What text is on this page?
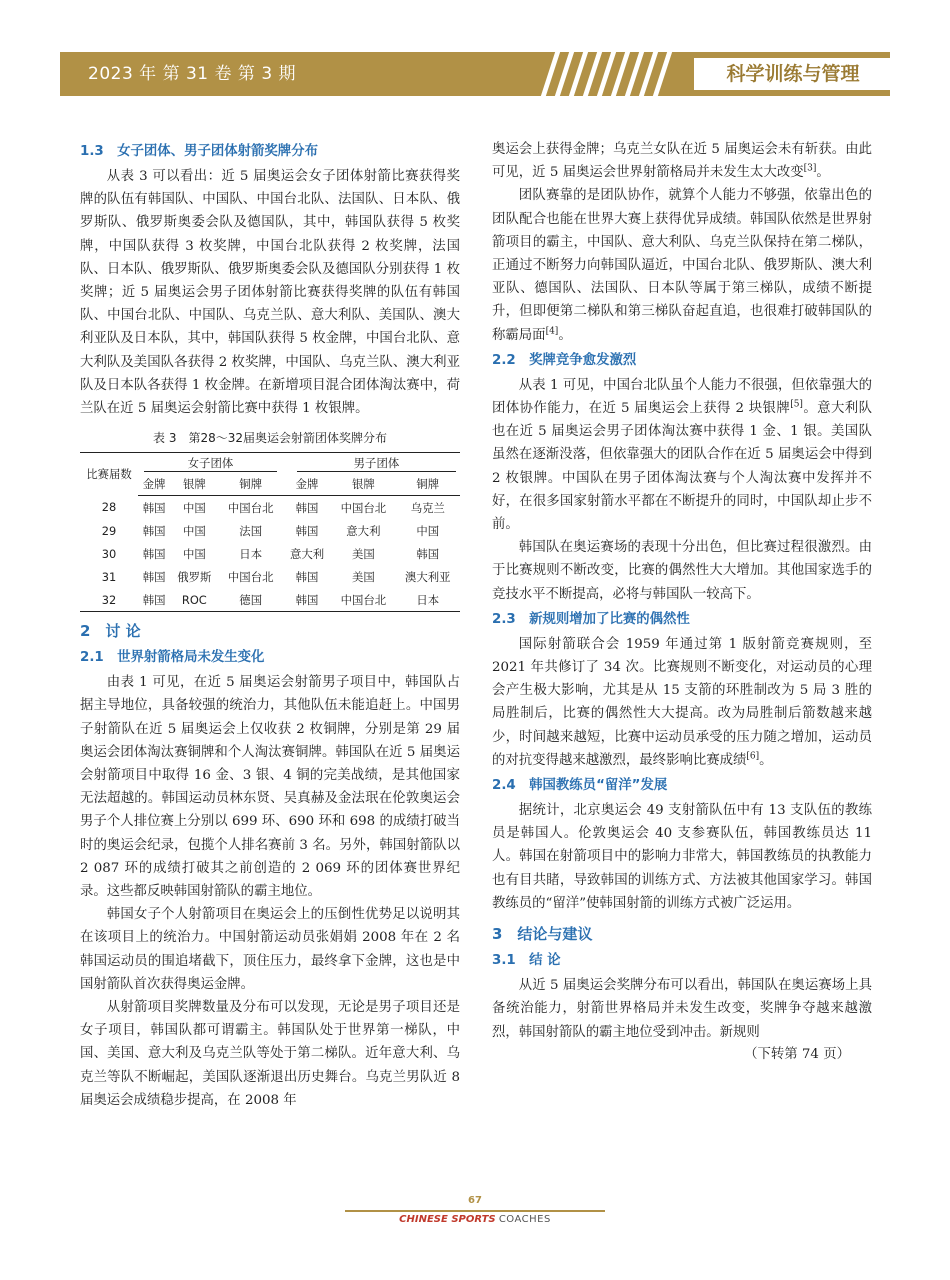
2023 年 第 31 卷 第 3 期	科学训练与管理
1.3　女子团体、男子团体射箭奖牌分布

从表 3 可以看出：近 5 届奥运会女子团体射箭比赛获得奖牌的队伍有韩国队、中国队、中国台北队、法国队、日本队、俄罗斯队、俄罗斯奥委会队及德国队，其中，韩国队获得 5 枚奖牌，中国队获得 3 枚奖牌，中国台北队获得 2 枚奖牌，法国队、日本队、俄罗斯队、俄罗斯奥委会队及德国队分别获得 1 枚奖牌；近 5 届奥运会男子团体射箭比赛获得奖牌的队伍有韩国队、中国台北队、中国队、乌克兰队、意大利队、美国队、澳大利亚队及日本队，其中，韩国队获得 5 枚金牌，中国台北队、意大利队及美国队各获得 2 枚奖牌，中国队、乌克兰队、澳大利亚队及日本队各获得 1 枚金牌。在新增项目混合团体淘汰赛中，荷兰队在近 5 届奥运会射箭比赛中获得 1 枚银牌。

表 3　第28～32届奥运会射箭团体奖牌分布
比赛届数	女子团体			男子团体		

	金牌	银牌	铜牌	金牌	银牌	铜牌
28	韩国	中国	中国台北	韩国	中国台北	乌克兰
29	韩国	中国	法国	韩国	意大利	中国
30	韩国	中国	日本	意大利	美国	韩国
31	韩国	俄罗斯	中国台北	韩国	美国	澳大利亚
32	韩国	ROC	德国	韩国	中国台北	日本
2　讨 论
2.1　世界射箭格局未发生变化

由表 1 可见，在近 5 届奥运会射箭男子项目中，韩国队占据主导地位，具备较强的统治力，其他队伍未能追赶上。中国男子射箭队在近 5 届奥运会上仅收获 2 枚铜牌，分别是第 29 届奥运会团体淘汰赛铜牌和个人淘汰赛铜牌。韩国队在近 5 届奥运会射箭项目中取得 16 金、3 银、4 铜的完美战绩，是其他国家无法超越的。韩国运动员林东贤、吴真赫及金法珉在伦敦奥运会男子个人排位赛上分别以 699 环、690 环和 698 的成绩打破当时的奥运会纪录，包揽个人排名赛前 3 名。另外，韩国射箭队以 2 087 环的成绩打破其之前创造的 2 069 环的团体赛世界纪录。这些都反映韩国射箭队的霸主地位。

韩国女子个人射箭项目在奥运会上的压倒性优势足以说明其在该项目上的统治力。中国射箭运动员张娟娟 2008 年在 2 名韩国运动员的围追堵截下，顶住压力，最终拿下金牌，这也是中国射箭队首次获得奥运金牌。

从射箭项目奖牌数量及分布可以发现，无论是男子项目还是女子项目，韩国队都可谓霸主。韩国队处于世界第一梯队，中国、美国、意大利及乌克兰队等处于第二梯队。近年意大利、乌克兰等队不断崛起，美国队逐渐退出历史舞台。乌克兰男队近 8 届奥运会成绩稳步提高，在 2008 年

奥运会上获得金牌；乌克兰女队在近 5 届奥运会未有斩获。由此可见，近 5 届奥运会世界射箭格局并未发生太大改变[3]。

团队赛靠的是团队协作，就算个人能力不够强，依靠出色的团队配合也能在世界大赛上获得优异成绩。韩国队依然是世界射箭项目的霸主，中国队、意大利队、乌克兰队保持在第二梯队，正通过不断努力向韩国队逼近，中国台北队、俄罗斯队、澳大利亚队、德国队、法国队、日本队等属于第三梯队，成绩不断提升，但即便第二梯队和第三梯队奋起直追，也很难打破韩国队的称霸局面[4]。

2.2　奖牌竞争愈发激烈

从表 1 可见，中国台北队虽个人能力不很强，但依靠强大的团体协作能力，在近 5 届奥运会上获得 2 块银牌[5]。意大利队也在近 5 届奥运会男子团体淘汰赛中获得 1 金、1 银。美国队虽然在逐渐没落，但依靠强大的团队合作在近 5 届奥运会中得到 2 枚银牌。中国队在男子团体淘汰赛与个人淘汰赛中发挥并不好，在很多国家射箭水平都在不断提升的同时，中国队却止步不前。

韩国队在奥运赛场的表现十分出色，但比赛过程很激烈。由于比赛规则不断改变，比赛的偶然性大大增加。其他国家选手的竞技水平不断提高，必将与韩国队一较高下。

2.3　新规则增加了比赛的偶然性

国际射箭联合会 1959 年通过第 1 版射箭竞赛规则，至 2021 年共修订了 34 次。比赛规则不断变化，对运动员的心理会产生极大影响，尤其是从 15 支箭的环胜制改为 5 局 3 胜的局胜制后，比赛的偶然性大大提高。改为局胜制后箭数越来越少，时间越来越短，比赛中运动员承受的压力随之增加，运动员的对抗变得越来越激烈，最终影响比赛成绩[6]。

2.4　韩国教练员“留洋”发展

据统计，北京奥运会 49 支射箭队伍中有 13 支队伍的教练员是韩国人。伦敦奥运会 40 支参赛队伍，韩国教练员达 11 人。韩国在射箭项目中的影响力非常大，韩国教练员的执教能力也有目共睹，导致韩国的训练方式、方法被其他国家学习。韩国教练员的“留洋”使韩国射箭的训练方式被广泛运用。

3　结论与建议
3.1　结 论

从近 5 届奥运会奖牌分布可以看出，韩国队在奥运赛场上具备统治能力，射箭世界格局并未发生改变，奖牌争夺越来越激烈，韩国射箭队的霸主地位受到冲击。新规则

（下转第 74 页）
67
CHINESE SPORTS COACHES
